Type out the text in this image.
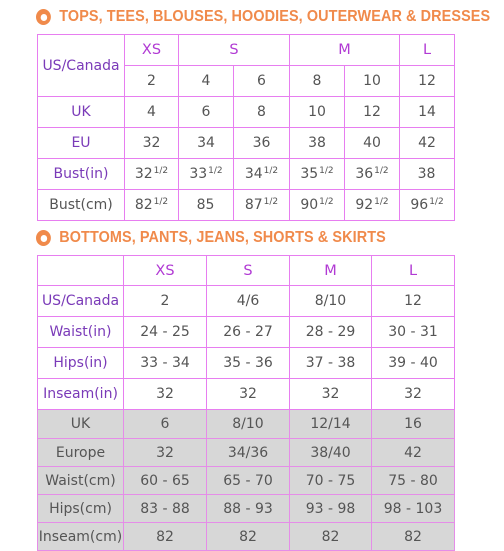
TOPS, TEES, BLOUSES, HOODIES, OUTERWEAR & DRESSES
US/Canada	XS	S		M		L
	2	4	6	8	10	12
UK	4	6	8	10	12	14
EU	32	34	36	38	40	42
Bust(in)	$32^{1/2}$	$33^{1/2}$	$34^{1/2}$	$35^{1/2}$	$36^{1/2}$	38
Bust(cm)	$82^{1/2}$	85	$87^{1/2}$	$90^{1/2}$	$92^{1/2}$	$96^{1/2}$
BOTTOMS, PANTS, JEANS, SHORTS & SKIRTS
	XS	S	M	L
US/Canada	2	4/6	8/10	12
Waist(in)	24 - 25	26 - 27	28 - 29	30 - 31
Hips(in)	33 - 34	35 - 36	37 - 38	39 - 40
Inseam(in)	32	32	32	32
UK	6	8/10	12/14	16
Europe	32	34/36	38/40	42
Waist(cm)	60 - 65	65 - 70	70 - 75	75 - 80
Hips(cm)	83 - 88	88 - 93	93 - 98	98 - 103
Inseam(cm)	82	82	82	82
